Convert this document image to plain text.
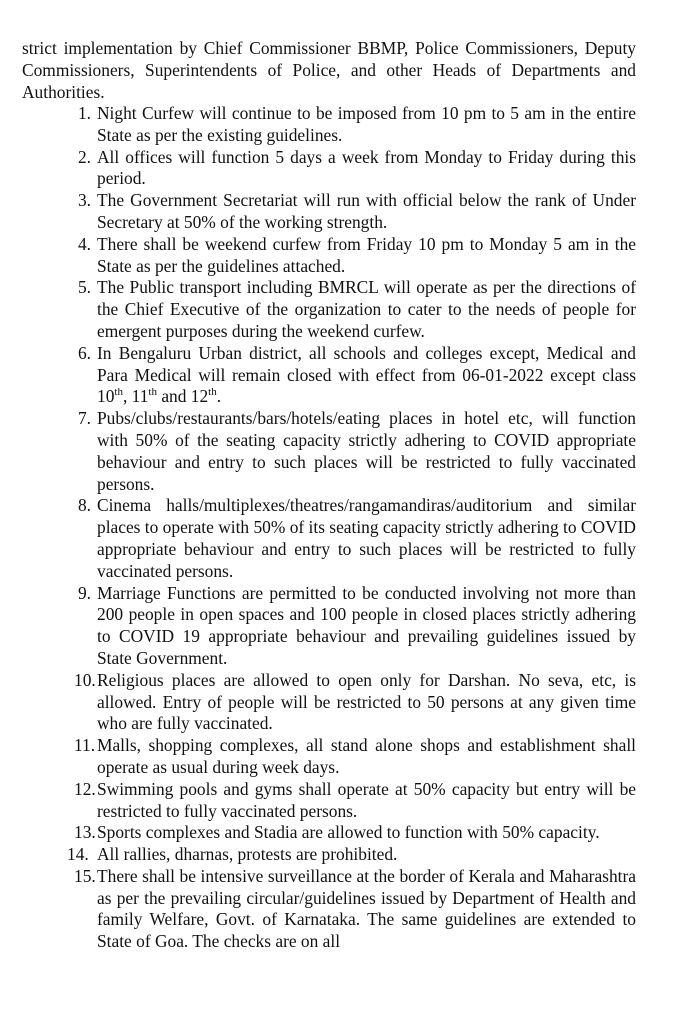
strict implementation by Chief Commissioner BBMP, Police Commissioners, Deputy Commissioners, Superintendents of Police, and other Heads of Departments and Authorities.
1. Night Curfew will continue to be imposed from 10 pm to 5 am in the entire State as per the existing guidelines.
2. All offices will function 5 days a week from Monday to Friday during this period.
3. The Government Secretariat will run with official below the rank of Under Secretary at 50% of the working strength.
4. There shall be weekend curfew from Friday 10 pm to Monday 5 am in the State as per the guidelines attached.
5. The Public transport including BMRCL will operate as per the directions of the Chief Executive of the organization to cater to the needs of people for emergent purposes during the weekend curfew.
6. In Bengaluru Urban district, all schools and colleges except, Medical and Para Medical will remain closed with effect from 06-01-2022 except class 10th, 11th and 12th.
7. Pubs/clubs/restaurants/bars/hotels/eating places in hotel etc, will function with 50% of the seating capacity strictly adhering to COVID appropriate behaviour and entry to such places will be restricted to fully vaccinated persons.
8. Cinema halls/multiplexes/theatres/rangamandiras/auditorium and similar places to operate with 50% of its seating capacity strictly adhering to COVID appropriate behaviour and entry to such places will be restricted to fully vaccinated persons.
9. Marriage Functions are permitted to be conducted involving not more than 200 people in open spaces and 100 people in closed places strictly adhering to COVID 19 appropriate behaviour and prevailing guidelines issued by State Government.
10. Religious places are allowed to open only for Darshan. No seva, etc, is allowed. Entry of people will be restricted to 50 persons at any given time who are fully vaccinated.
11. Malls, shopping complexes, all stand alone shops and establishment shall operate as usual during week days.
12. Swimming pools and gyms shall operate at 50% capacity but entry will be restricted to fully vaccinated persons.
13. Sports complexes and Stadia are allowed to function with 50% capacity.
14. All rallies, dharnas, protests are prohibited.
15. There shall be intensive surveillance at the border of Kerala and Maharashtra as per the prevailing circular/guidelines issued by Department of Health and family Welfare, Govt. of Karnataka. The same guidelines are extended to State of Goa. The checks are on all
